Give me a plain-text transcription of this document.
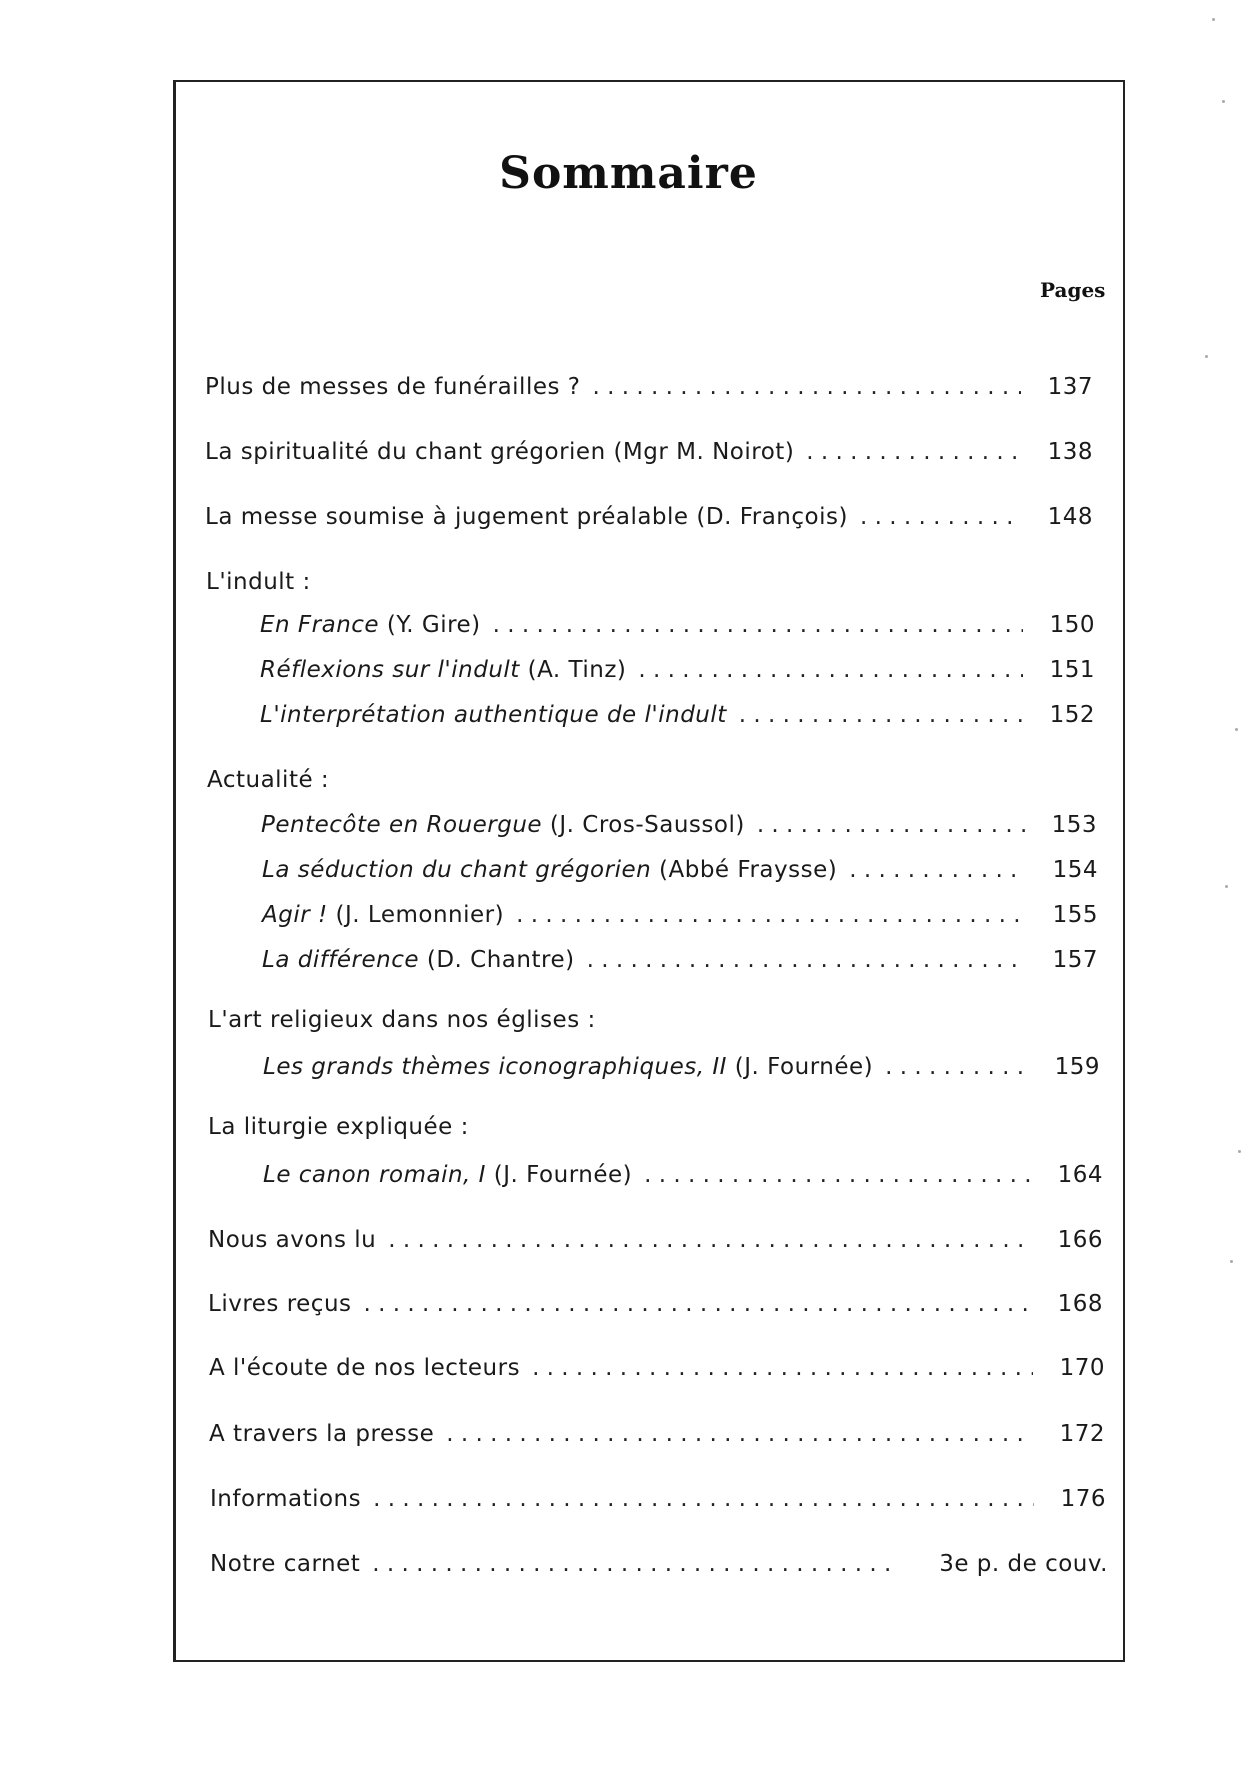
Sommaire
Pages
Plus de messes de funérailles ? . . .	137
La spiritualité du chant grégorien (Mgr M. Noirot) . . .	138
La messe soumise à jugement préalable (D. François) . . .	148
L'indult :
En France (Y. Gire) . . .	150
Réflexions sur l'indult (A. Tinz) . . .	151
L'interprétation authentique de l'indult . . .	152
Actualité :
Pentecôte en Rouergue (J. Cros-Saussol) . . .	153
La séduction du chant grégorien (Abbé Fraysse) . . .	154
Agir ! (J. Lemonnier) . . .	155
La différence (D. Chantre) . . .	157
L'art religieux dans nos églises :
Les grands thèmes iconographiques, II (J. Fournée) . . .	159
La liturgie expliquée :
Le canon romain, I (J. Fournée) . . .	164
Nous avons lu . . .	166
Livres reçus . . .	168
A l'écoute de nos lecteurs . . .	170
A travers la presse . . .	172
Informations . . .	176
Notre carnet . . .	3e p. de couv.
